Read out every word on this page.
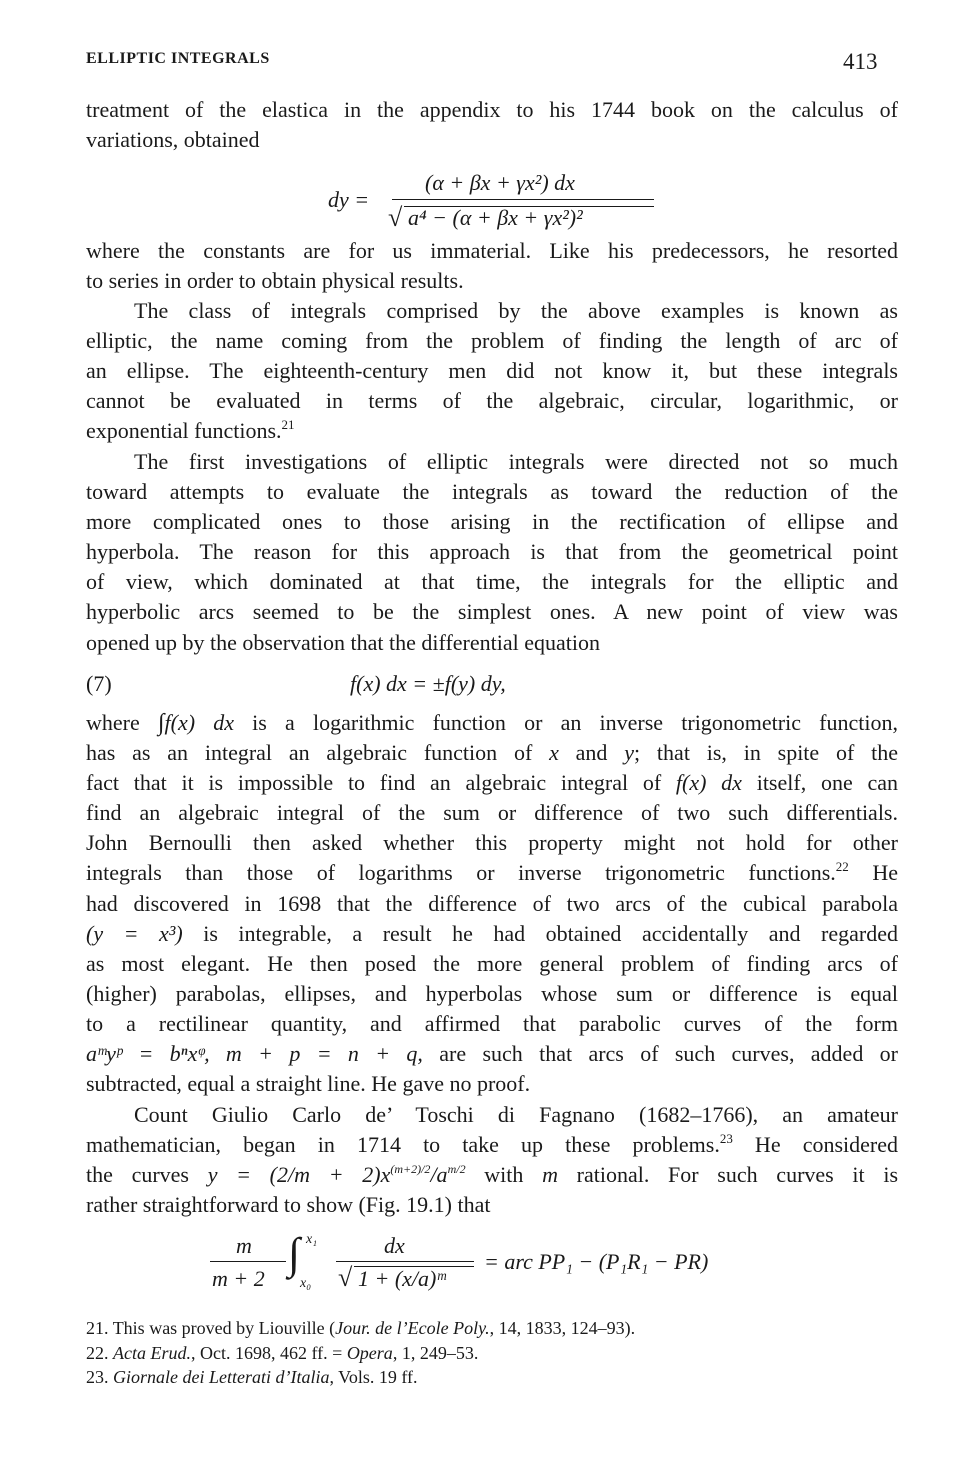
ELLIPTIC INTEGRALS	413

treatment of the elastica in the appendix to his 1744 book on the calculus of

variations, obtained

dy =
(α + βx + γx²) dx
√ a⁴ − (α + βx + γx²)²

where the constants are for us immaterial. Like his predecessors, he resorted

to series in order to obtain physical results.

The class of integrals comprised by the above examples is known as

elliptic, the name coming from the problem of finding the length of arc of

an ellipse. The eighteenth-century men did not know it, but these integrals

cannot be evaluated in terms of the algebraic, circular, logarithmic, or

exponential functions.$^{21}$

The first investigations of elliptic integrals were directed not so much

toward attempts to evaluate the integrals as toward the reduction of the

more complicated ones to those arising in the rectification of ellipse and

hyperbola. The reason for this approach is that from the geometrical point

of view, which dominated at that time, the integrals for the elliptic and

hyperbolic arcs seemed to be the simplest ones. A new point of view was

opened up by the observation that the differential equation

(7)	f(x) dx = ±f(y) dy,

where ∫f(x) dx is a logarithmic function or an inverse trigonometric function,

has as an integral an algebraic function of x and y; that is, in spite of the

fact that it is impossible to find an algebraic integral of f(x) dx itself, one can

find an algebraic integral of the sum or difference of two such differentials.

John Bernoulli then asked whether this property might not hold for other

integrals than those of logarithms or inverse trigonometric functions.$^{22}$ He

had discovered in 1698 that the difference of two arcs of the cubical parabola

(y = x³) is integrable, a result he had obtained accidentally and regarded

as most elegant. He then posed the more general problem of finding arcs of

(higher) parabolas, ellipses, and hyperbolas whose sum or difference is equal

to a rectilinear quantity, and affirmed that parabolic curves of the form

aᵐyᵖ = bⁿxᵠ, m + p = n + q, are such that arcs of such curves, added or

subtracted, equal a straight line. He gave no proof.

Count Giulio Carlo de’ Toschi di Fagnano (1682–1766), an amateur

mathematician, began in 1714 to take up these problems.$^{23}$ He considered

the curves $y = (2/m + 2)x^{(m+2)/2}/a^{m/2}$ with m rational. For such curves it is

rather straightforward to show (Fig. 19.1) that

m
m + 2
∫ x₁
x₀
dx
√ 1 + (x/a)ᵐ
= arc PP₁ − (P₁R₁ − PR)

21. This was proved by Liouville (Jour. de l’Ecole Poly., 14, 1833, 124–93).

22. Acta Erud., Oct. 1698, 462 ff. = Opera, 1, 249–53.

23. Giornale dei Letterati d’Italia, Vols. 19 ff.
